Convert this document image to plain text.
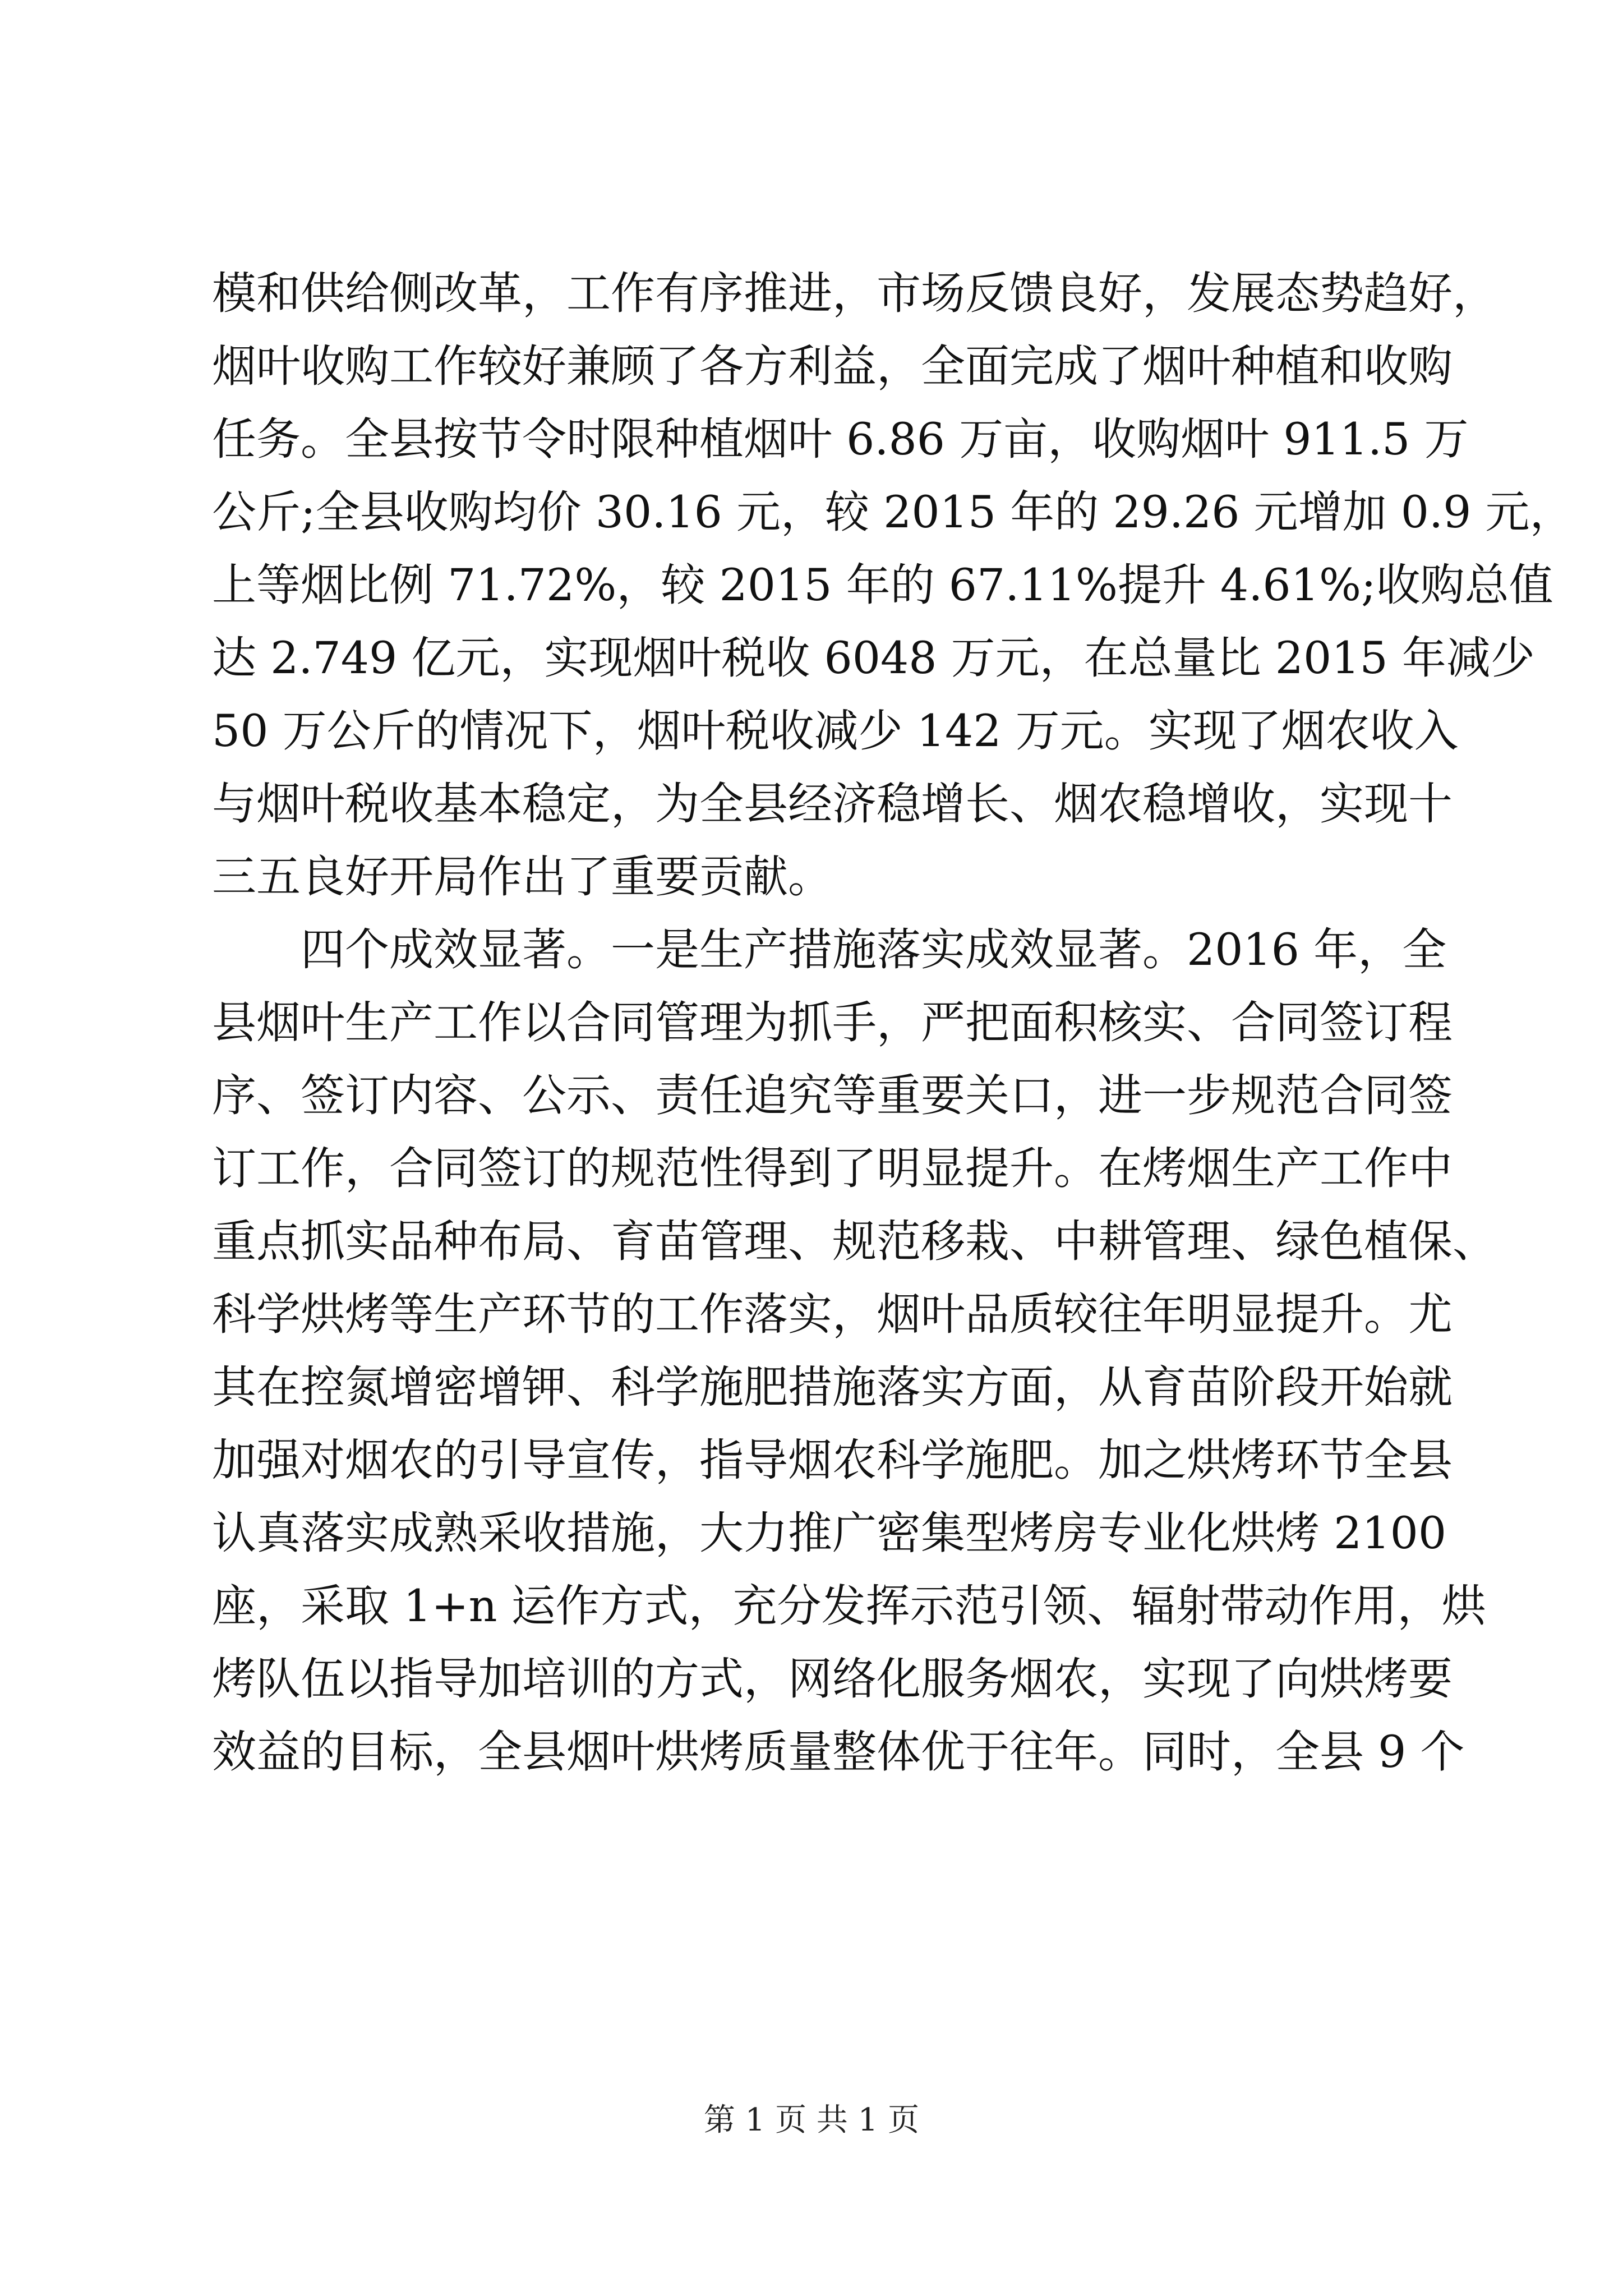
模和供给侧改革，工作有序推进，市场反馈良好，发展态势趋好，
烟叶收购工作较好兼顾了各方利益，全面完成了烟叶种植和收购
任务。全县按节令时限种植烟叶 6.86 万亩，收购烟叶 911.5 万
公斤;全县收购均价 30.16 元，较 2015 年的 29.26 元增加 0.9 元，
上等烟比例 71.72%，较 2015 年的 67.11%提升 4.61%;收购总值
达 2.749 亿元，实现烟叶税收 6048 万元，在总量比 2015 年减少
50 万公斤的情况下，烟叶税收减少 142 万元。实现了烟农收入
与烟叶税收基本稳定，为全县经济稳增长、烟农稳增收，实现十
三五良好开局作出了重要贡献。
　　四个成效显著。一是生产措施落实成效显著。2016 年，全
县烟叶生产工作以合同管理为抓手，严把面积核实、合同签订程
序、签订内容、公示、责任追究等重要关口，进一步规范合同签
订工作，合同签订的规范性得到了明显提升。在烤烟生产工作中
重点抓实品种布局、育苗管理、规范移栽、中耕管理、绿色植保、
科学烘烤等生产环节的工作落实，烟叶品质较往年明显提升。尤
其在控氮增密增钾、科学施肥措施落实方面，从育苗阶段开始就
加强对烟农的引导宣传，指导烟农科学施肥。加之烘烤环节全县
认真落实成熟采收措施，大力推广密集型烤房专业化烘烤 2100
座，采取 1+n 运作方式，充分发挥示范引领、辐射带动作用，烘
烤队伍以指导加培训的方式，网络化服务烟农，实现了向烘烤要
效益的目标，全县烟叶烘烤质量整体优于往年。同时，全县 9 个
第 1 页 共 1 页
